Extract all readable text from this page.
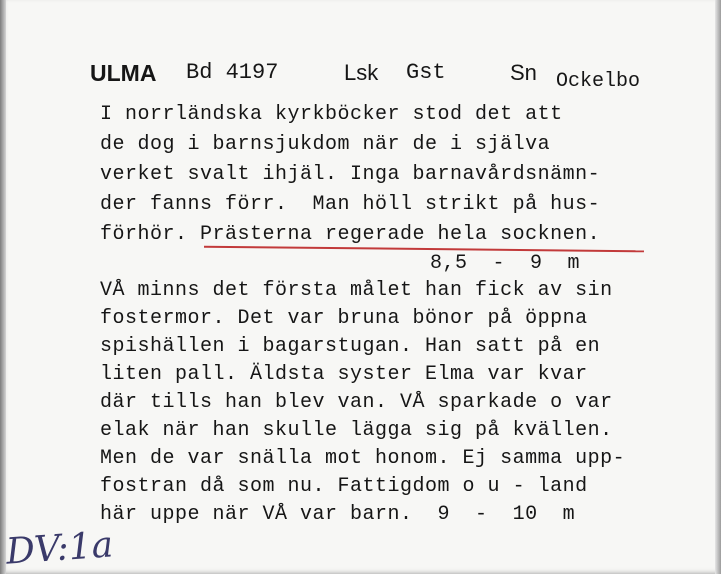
ULMA Bd 4197	Lsk Gst	Sn Ockelbo
I norrländska kyrkböcker stod det att
de dog i barnsjukdom när de i själva
verket svalt ihjäl. Inga barnavårdsnämn-
der fanns förr.  Man höll strikt på hus-
förhör. Prästerna regerade hela socknen.
8,5  -  9  m
VÅ minns det första målet han fick av sin
fostermor. Det var bruna bönor på öppna
spishällen i bagarstugan. Han satt på en
liten pall. Äldsta syster Elma var kvar
där tills han blev van. VÅ sparkade o var
elak när han skulle lägga sig på kvällen.
Men de var snälla mot honom. Ej samma upp-
fostran då som nu. Fattigdom o u - land
här uppe när VÅ var barn.  9  -  10  m
DV:1a
